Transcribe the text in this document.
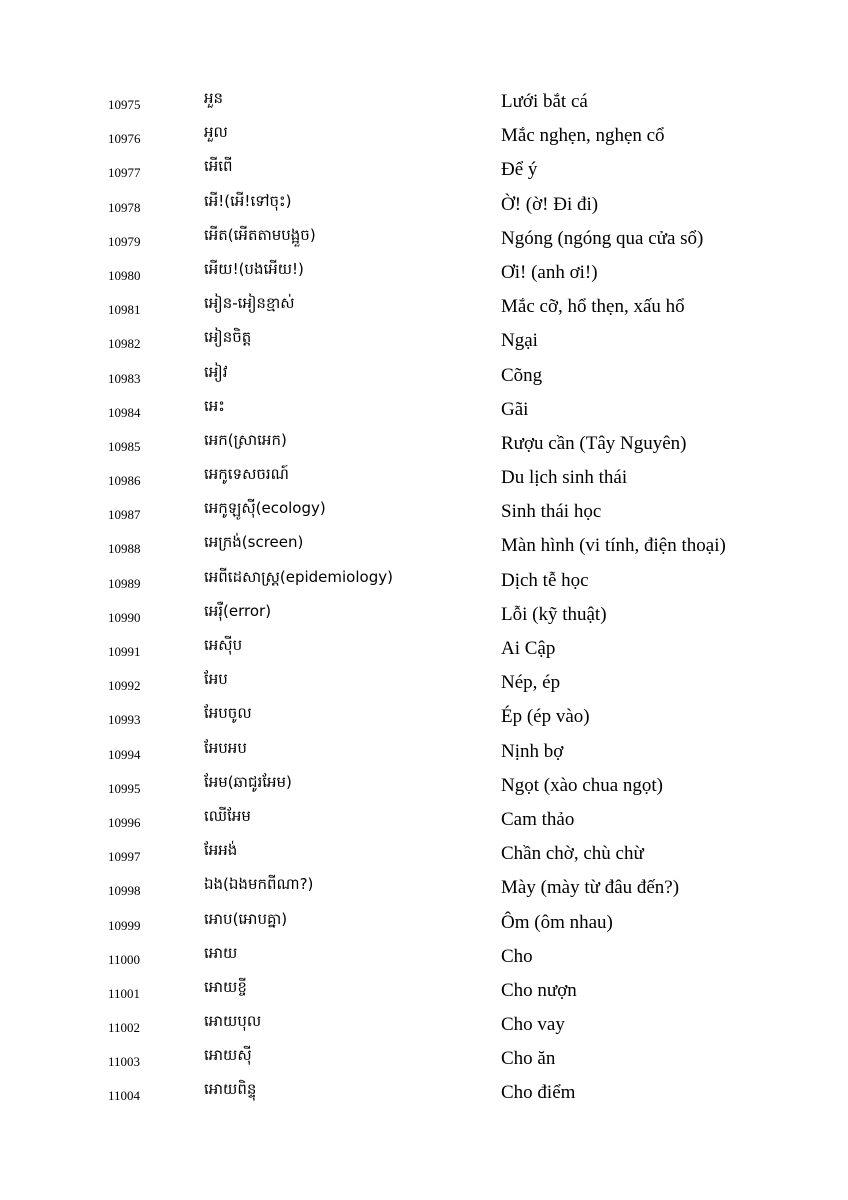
10975	អួន	Lưới bắt cá
10976	អួល	Mắc nghẹn, nghẹn cổ
10977	អើពើ	Để ý
10978	អើ!(អើ!ទៅចុះ)	Ờ! (ờ! Đi đi)
10979	អើត(អើតតាមបង្អួច)	Ngóng (ngóng qua cửa sổ)
10980	អើយ!(បងអើយ!)	Ơi! (anh ơi!)
10981	អៀន-អៀនខ្មាស់	Mắc cỡ, hổ thẹn, xấu hổ
10982	អៀនចិត្ត	Ngại
10983	អៀវ	Cõng
10984	អេះ	Gãi
10985	អេក(ស្រាអេក)	Rượu cần (Tây Nguyên)
10986	អេកូទេសចរណ៍	Du lịch sinh thái
10987	អេកូឡូស៊ី(ecology)	Sinh thái học
10988	អេក្រង់(screen)	Màn hình (vi tính, điện thoại)
10989	អេពីដេសាស្ត្រ(epidemiology)	Dịch tễ học
10990	អេរ៉ឺ(error)	Lỗi (kỹ thuật)
10991	អេស៊ីប	Ai Cập
10992	អែប	Nép, ép
10993	អែបចូល	Ép (ép vào)
10994	អែបអប	Nịnh bợ
10995	អែម(ឆាជូរអែម)	Ngọt (xào chua ngọt)
10996	ឈើអែម	Cam thảo
10997	អែអង់	Chần chờ, chù chừ
10998	ឯង(ឯងមកពីណា?)	Mày (mày từ đâu đến?)
10999	អោប(អោបគ្នា)	Ôm (ôm nhau)
11000	អោយ	Cho
11001	អោយខ្ចី	Cho nượn
11002	អោយបុល	Cho vay
11003	អោយស៊ី	Cho ăn
11004	អោយពិន្ទុ	Cho điểm
